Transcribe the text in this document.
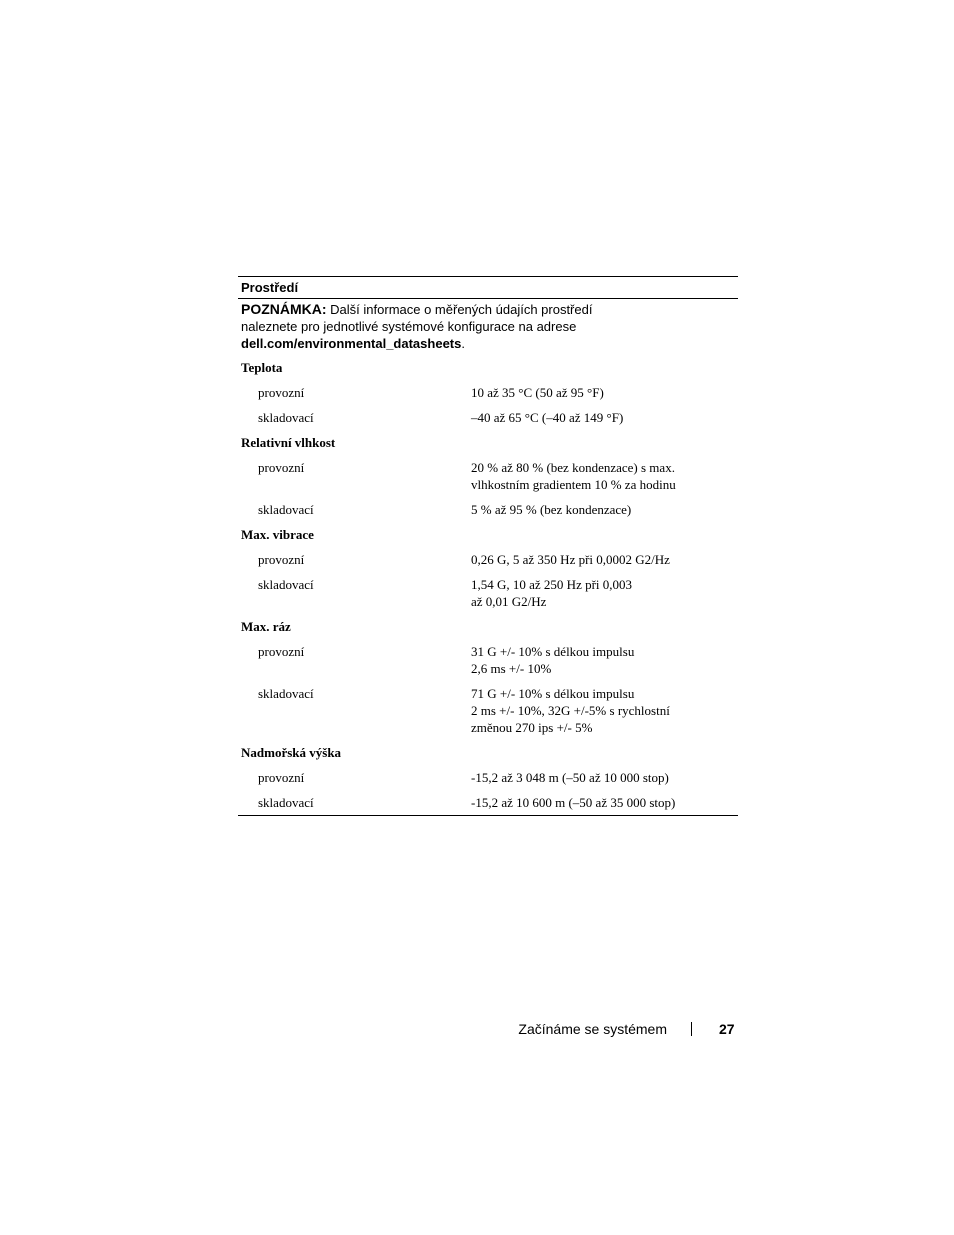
Prostředí
POZNÁMKA: Další informace o měřených údajích prostředí
naleznete pro jednotlivé systémové konfigurace na adrese
dell.com/environmental_datasheets.
Teplota
provozní	10 až 35 °C (50 až 95 °F)
skladovací	–40 až 65 °C (–40 až 149 °F)
Relativní vlhkost
provozní	20 % až 80 % (bez kondenzace) s max.
vlhkostním gradientem 10 % za hodinu
skladovací	5 % až 95 % (bez kondenzace)
Max. vibrace
provozní	0,26 G, 5 až 350 Hz při 0,0002 G2/Hz
skladovací	1,54 G, 10 až 250 Hz při 0,003
až 0,01 G2/Hz
Max. ráz
provozní	31 G +/- 10% s délkou impulsu
2,6 ms +/- 10%
skladovací	71 G +/- 10% s délkou impulsu
2 ms +/- 10%, 32G +/-5% s rychlostní
změnou 270 ips +/- 5%
Nadmořská výška
provozní	-15,2 až 3 048 m (–50 až 10 000 stop)
skladovací	-15,2 až 10 600 m (–50 až 35 000 stop)
Začínáme se systémem	27
